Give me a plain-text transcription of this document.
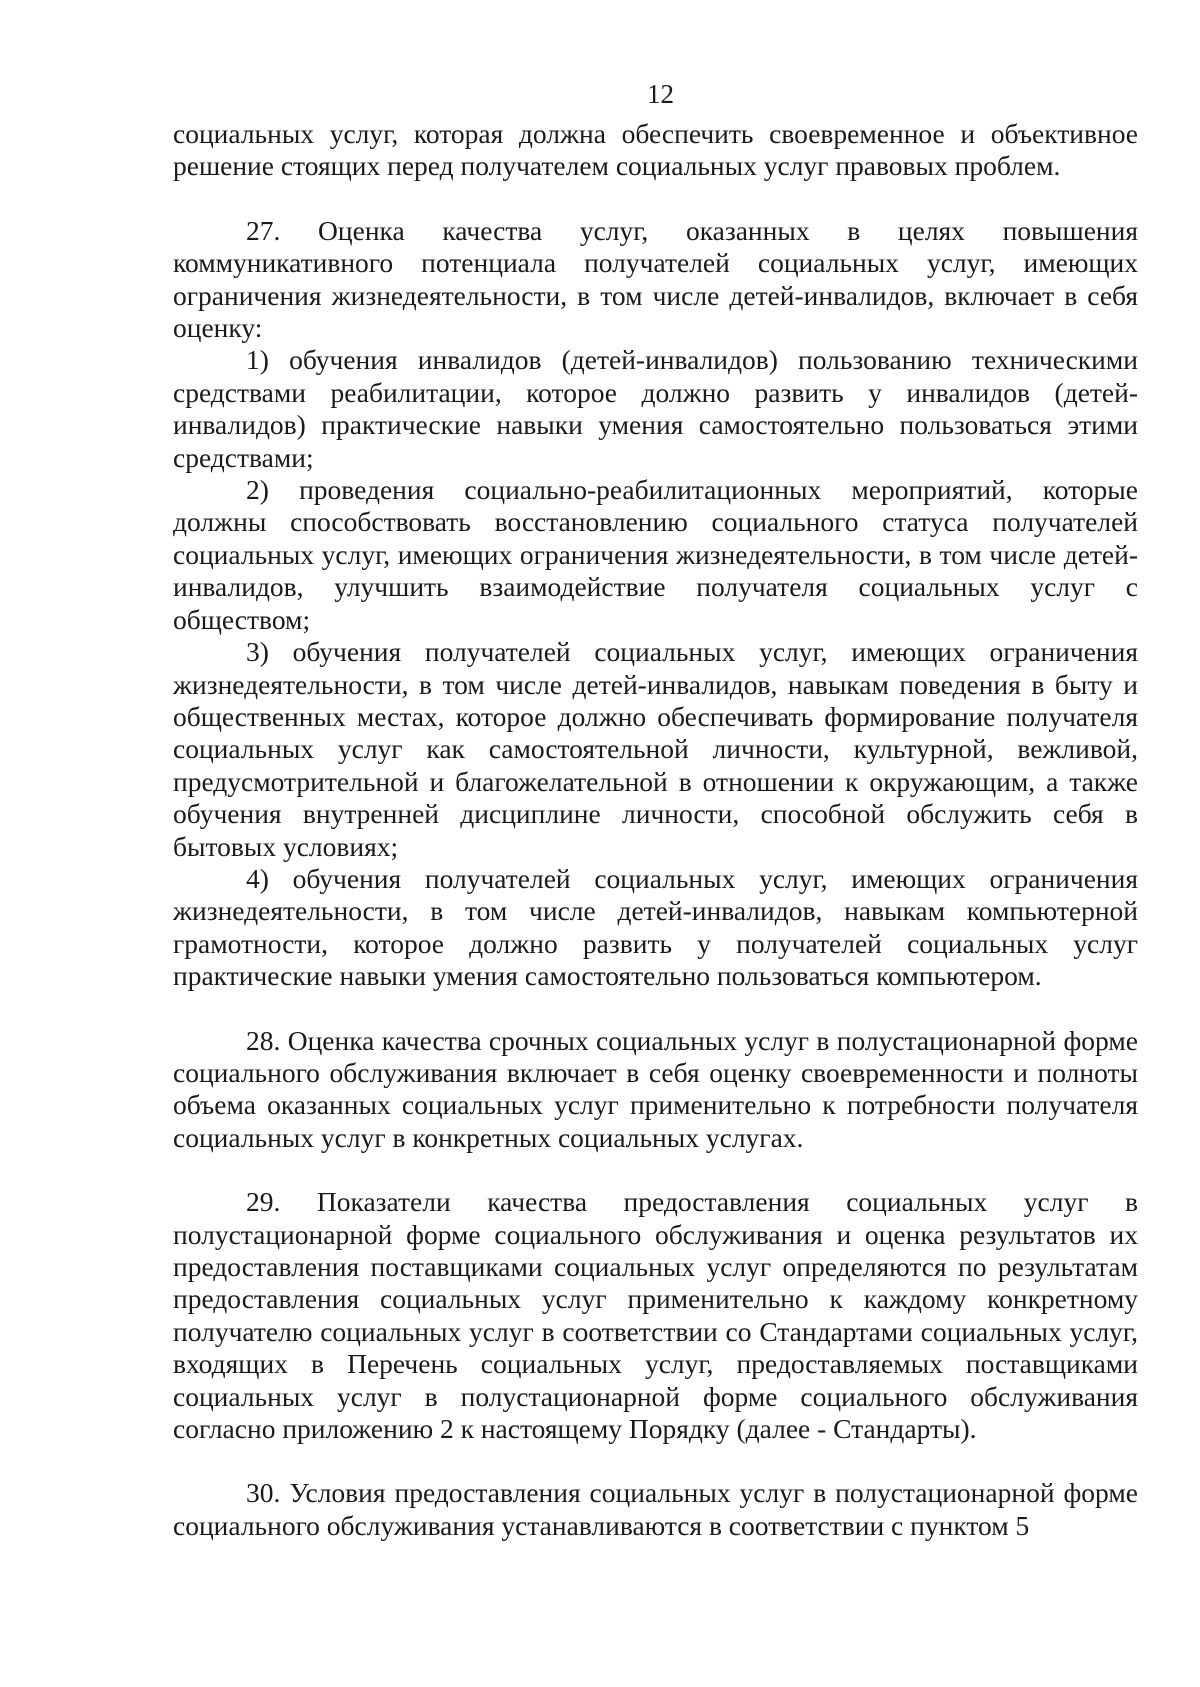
12

социальных услуг, которая должна обеспечить своевременное и объективное решение стоящих перед получателем социальных услуг правовых проблем.

27. Оценка качества услуг, оказанных в целях повышения коммуникативного потенциала получателей социальных услуг, имеющих ограничения жизнедеятельности, в том числе детей-инвалидов, включает в себя оценку:

1) обучения инвалидов (детей-инвалидов) пользованию техническими средствами реабилитации, которое должно развить у инвалидов (детей-инвалидов) практические навыки умения самостоятельно пользоваться этими средствами;

2) проведения социально-реабилитационных мероприятий, которые должны способствовать восстановлению социального статуса получателей социальных услуг, имеющих ограничения жизнедеятельности, в том числе детей-инвалидов, улучшить взаимодействие получателя социальных услуг с обществом;

3) обучения получателей социальных услуг, имеющих ограничения жизнедеятельности, в том числе детей-инвалидов, навыкам поведения в быту и общественных местах, которое должно обеспечивать формирование получателя социальных услуг как самостоятельной личности, культурной, вежливой, предусмотрительной и благожелательной в отношении к окружающим, а также обучения внутренней дисциплине личности, способной обслужить себя в бытовых условиях;

4) обучения получателей социальных услуг, имеющих ограничения жизнедеятельности, в том числе детей-инвалидов, навыкам компьютерной грамотности, которое должно развить у получателей социальных услуг практические навыки умения самостоятельно пользоваться компьютером.

28. Оценка качества срочных социальных услуг в полустационарной форме социального обслуживания включает в себя оценку своевременности и полноты объема оказанных социальных услуг применительно к потребности получателя социальных услуг в конкретных социальных услугах.

29. Показатели качества предоставления социальных услуг в полустационарной форме социального обслуживания и оценка результатов их предоставления поставщиками социальных услуг определяются по результатам предоставления социальных услуг применительно к каждому конкретному получателю социальных услуг в соответствии со Стандартами социальных услуг, входящих в Перечень социальных услуг, предоставляемых поставщиками социальных услуг в полустационарной форме социального обслуживания согласно приложению 2 к настоящему Порядку (далее - Стандарты).

30. Условия предоставления социальных услуг в полустационарной форме социального обслуживания устанавливаются в соответствии с пунктом 5
